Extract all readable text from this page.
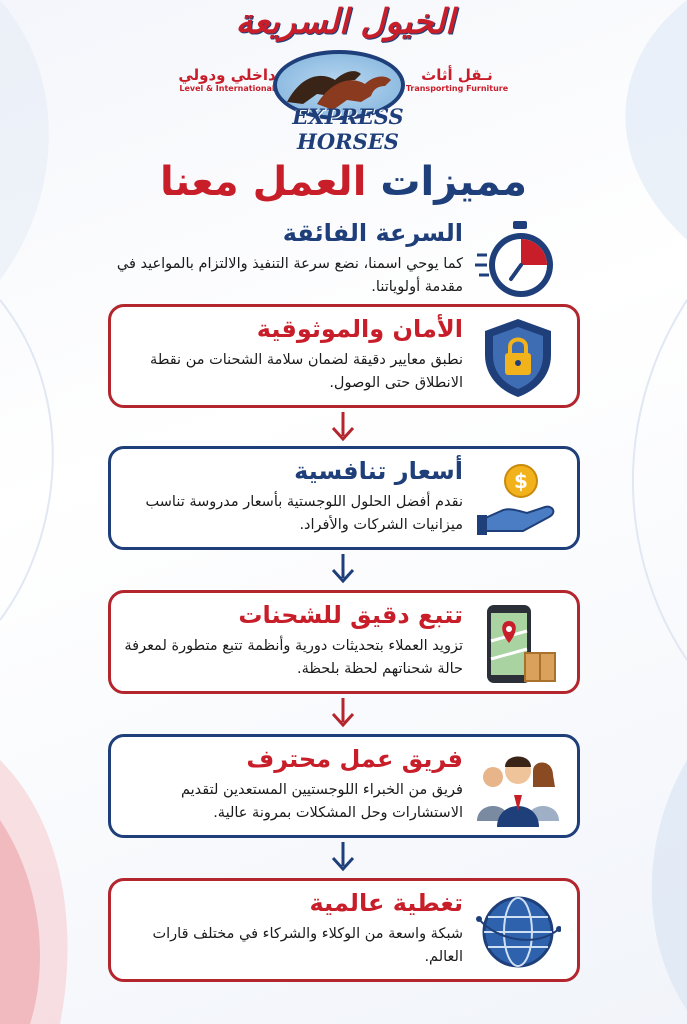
الخيول السريعة
EXPRESS HORSES
داخلي ودولي
Level & International
نـقل أثاث
Transporting Furniture
مميزات العمل معنا
السرعة الفائقة
كما يوحي اسمنا، نضع سرعة التنفيذ والالتزام بالمواعيد في مقدمة أولوياتنا.
الأمان والموثوقية
نطبق معايير دقيقة لضمان سلامة الشحنات من نقطة الانطلاق حتى الوصول.
أسعار تنافسية
نقدم أفضل الحلول اللوجستية بأسعار مدروسة تناسب ميزانيات الشركات والأفراد.
$
تتبع دقيق للشحنات
تزويد العملاء بتحديثات دورية وأنظمة تتبع متطورة لمعرفة حالة شحناتهم لحظة بلحظة.
فريق عمل محترف
فريق من الخبراء اللوجستيين المستعدين لتقديم الاستشارات وحل المشكلات بمرونة عالية.
تغطية عالمية
شبكة واسعة من الوكلاء والشركاء في مختلف قارات العالم.
